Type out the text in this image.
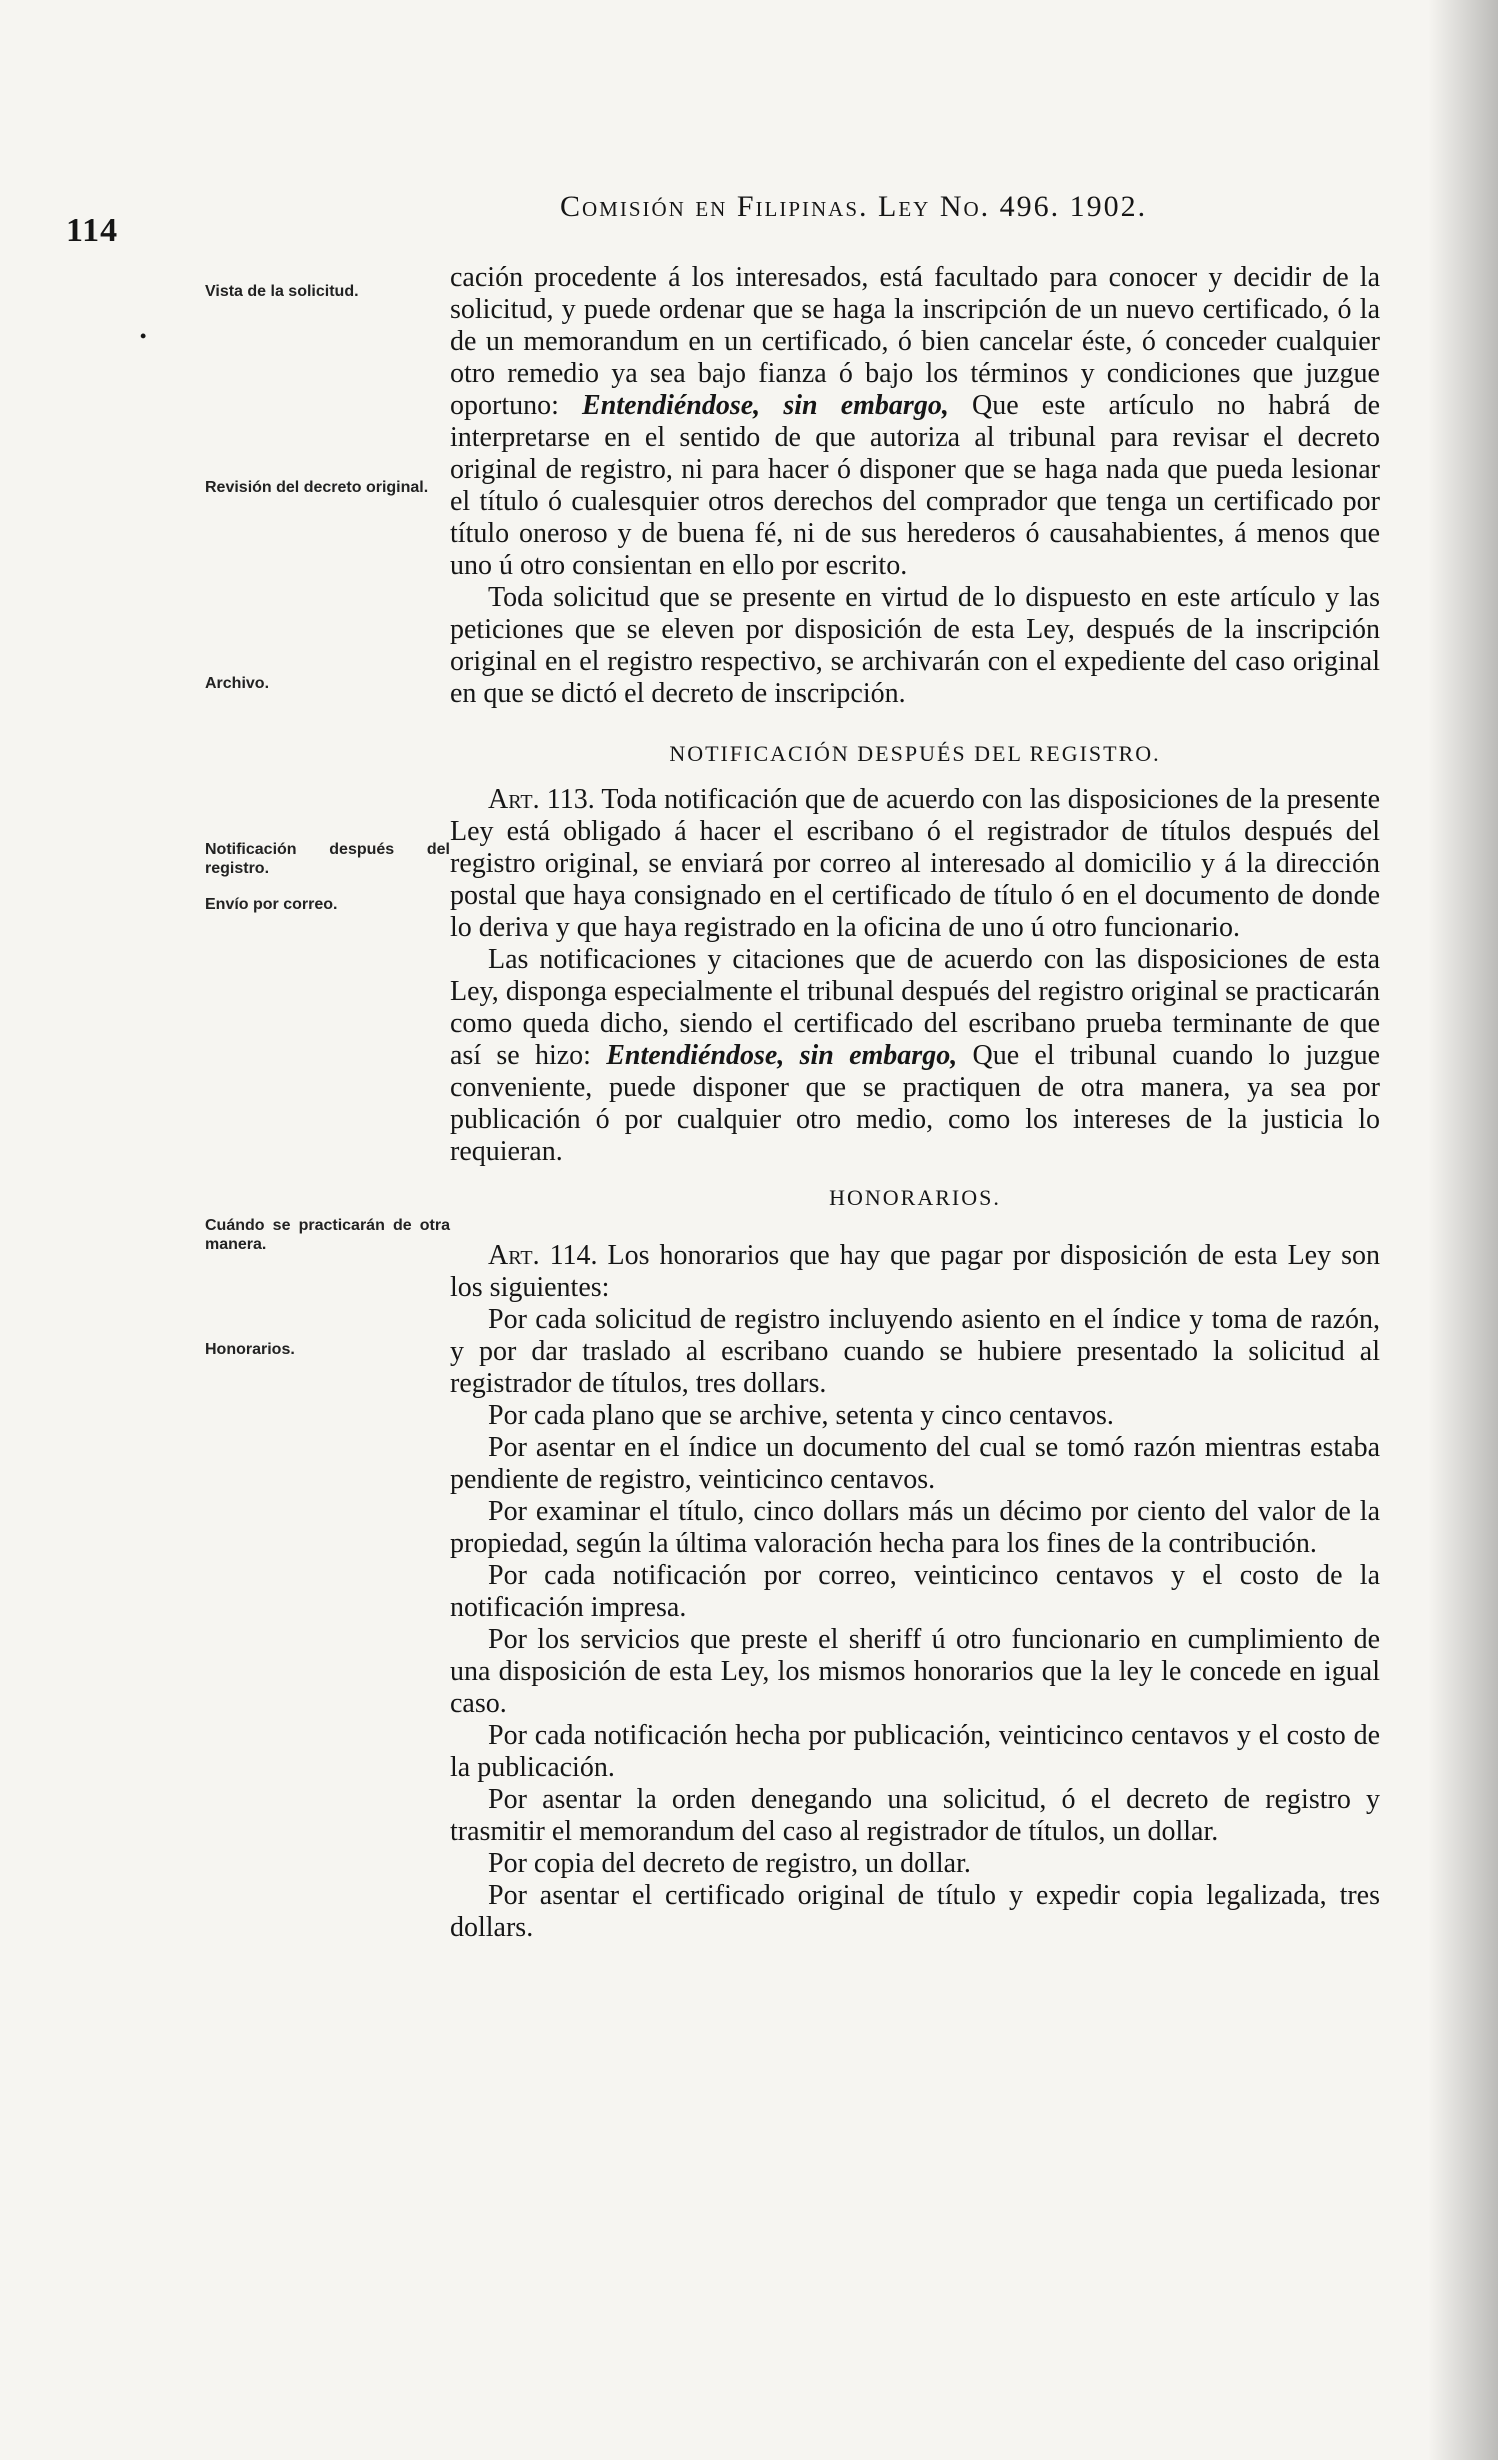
114
Comisión en Filipinas. Ley No. 496. 1902.
•
Vista de la solicitud.
Revisión del decreto original.
Archivo.
Notificación después del registro.
Envío por correo.
Cuándo se practicarán de otra manera.
Honorarios.

cación procedente á los interesados, está facultado para conocer y decidir de la solicitud, y puede ordenar que se haga la inscripción de un nuevo certificado, ó la de un memorandum en un certificado, ó bien cancelar éste, ó conceder cualquier otro remedio ya sea bajo fianza ó bajo los términos y condiciones que juzgue oportuno: Entendiéndose, sin embargo, Que este artículo no habrá de interpretarse en el sentido de que autoriza al tribunal para revisar el decreto original de registro, ni para hacer ó disponer que se haga nada que pueda lesionar el título ó cualesquier otros derechos del comprador que tenga un certificado por título oneroso y de buena fé, ni de sus herederos ó causahabientes, á menos que uno ú otro consientan en ello por escrito.

Toda solicitud que se presente en virtud de lo dispuesto en este artículo y las peticiones que se eleven por disposición de esta Ley, después de la inscripción original en el registro respectivo, se archivarán con el expediente del caso original en que se dictó el decreto de inscripción.

NOTIFICACIÓN DESPUÉS DEL REGISTRO.

Art. 113. Toda notificación que de acuerdo con las disposiciones de la presente Ley está obligado á hacer el escribano ó el registrador de títulos después del registro original, se enviará por correo al interesado al domicilio y á la dirección postal que haya consignado en el certificado de título ó en el documento de donde lo deriva y que haya registrado en la oficina de uno ú otro funcionario.

Las notificaciones y citaciones que de acuerdo con las disposiciones de esta Ley, disponga especialmente el tribunal después del registro original se practicarán como queda dicho, siendo el certificado del escribano prueba terminante de que así se hizo: Entendiéndose, sin embargo, Que el tribunal cuando lo juzgue conveniente, puede disponer que se practiquen de otra manera, ya sea por publicación ó por cualquier otro medio, como los intereses de la justicia lo requieran.

HONORARIOS.

Art. 114. Los honorarios que hay que pagar por disposición de esta Ley son los siguientes:

Por cada solicitud de registro incluyendo asiento en el índice y toma de razón, y por dar traslado al escribano cuando se hubiere presentado la solicitud al registrador de títulos, tres dollars.

Por cada plano que se archive, setenta y cinco centavos.

Por asentar en el índice un documento del cual se tomó razón mientras estaba pendiente de registro, veinticinco centavos.

Por examinar el título, cinco dollars más un décimo por ciento del valor de la propiedad, según la última valoración hecha para los fines de la contribución.

Por cada notificación por correo, veinticinco centavos y el costo de la notificación impresa.

Por los servicios que preste el sheriff ú otro funcionario en cumplimiento de una disposición de esta Ley, los mismos honorarios que la ley le concede en igual caso.

Por cada notificación hecha por publicación, veinticinco centavos y el costo de la publicación.

Por asentar la orden denegando una solicitud, ó el decreto de registro y trasmitir el memorandum del caso al registrador de títulos, un dollar.

Por copia del decreto de registro, un dollar.

Por asentar el certificado original de título y expedir copia legalizada, tres dollars.
